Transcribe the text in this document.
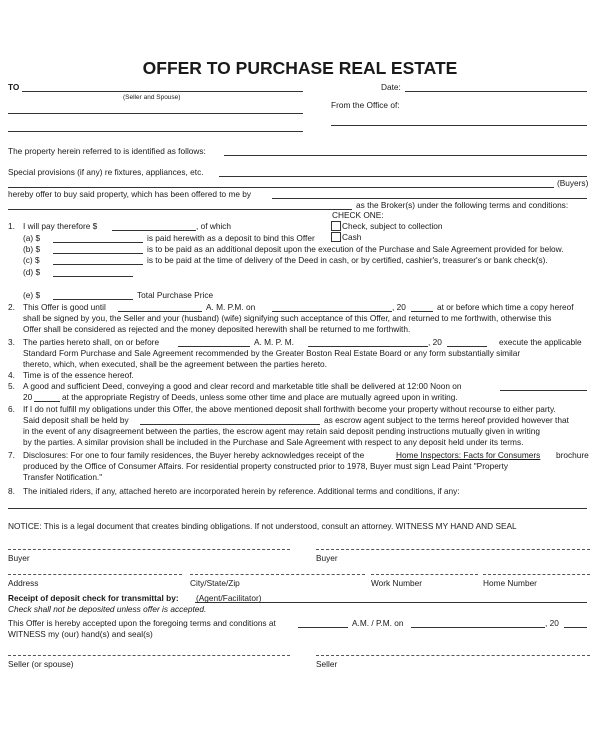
OFFER TO PURCHASE REAL ESTATE
TO
(Seller and Spouse)
Date:
From the Office of:
The property herein referred to is identified as follows:
Special provisions (if any) re fixtures, appliances, etc.
(Buyers)
hereby offer to buy said property, which has been offered to me by
as the Broker(s) under the following terms and conditions:
CHECK ONE:
Check, subject to collection
Cash
1. I will pay therefore $	, of which
(a) $	is paid herewith as a deposit to bind this Offer
(b) $	is to be paid as an additional deposit upon the execution of the Purchase and Sale Agreement provided for below.
(c) $	is to be paid at the time of delivery of the Deed in cash, or by certified, cashier's, treasurer's or bank check(s).
(d) $
(e) $	Total Purchase Price
2. This Offer is good until	A. M. P.M. on	, 20	at or before which time a copy hereof
shall be signed by you, the Seller and your (husband) (wife) signifying such acceptance of this Offer, and returned to me forthwith, otherwise this
Offer shall be considered as rejected and the money deposited herewith shall be returned to me forthwith.
3. The parties hereto shall, on or before	A. M. P. M.	, 20	execute the applicable
Standard Form Purchase and Sale Agreement recommended by the Greater Boston Real Estate Board or any form substantially similar
thereto, which, when executed, shall be the agreement between the parties hereto.
4. Time is of the essence hereof.
5. A good and sufficient Deed, conveying a good and clear record and marketable title shall be delivered at 12:00 Noon on
20	at the appropriate Registry of Deeds, unless some other time and place are mutually agreed upon in writing.
6. If I do not fulfill my obligations under this Offer, the above mentioned deposit shall forthwith become your property without recourse to either party.
Said deposit shall be held by	as escrow agent subject to the terms hereof provided however that
in the event of any disagreement between the parties, the escrow agent may retain said deposit pending instructions mutually given in writing
by the parties. A similar provision shall be included in the Purchase and Sale Agreement with respect to any deposit held under its terms.
7. Disclosures: For one to four family residences, the Buyer hereby acknowledges receipt of the	Home Inspectors: Facts for Consumers brochure
produced by the Office of Consumer Affairs. For residential property constructed prior to 1978, Buyer must sign Lead Paint "Property
Transfer Notification."
8. The initialed riders, if any, attached hereto are incorporated herein by reference. Additional terms and conditions, if any:
NOTICE: This is a legal document that creates binding obligations. If not understood, consult an attorney. WITNESS MY HAND AND SEAL
Buyer	Buyer
Address	City/State/Zip	Work Number	Home Number
Receipt of deposit check for transmittal by: (Agent/Facilitator)
Check shall not be deposited unless offer is accepted.
This Offer is hereby accepted upon the foregoing terms and conditions at	A.M. / P.M. on	, 20
WITNESS my (our) hand(s) and seal(s)
Seller (or spouse)	Seller
